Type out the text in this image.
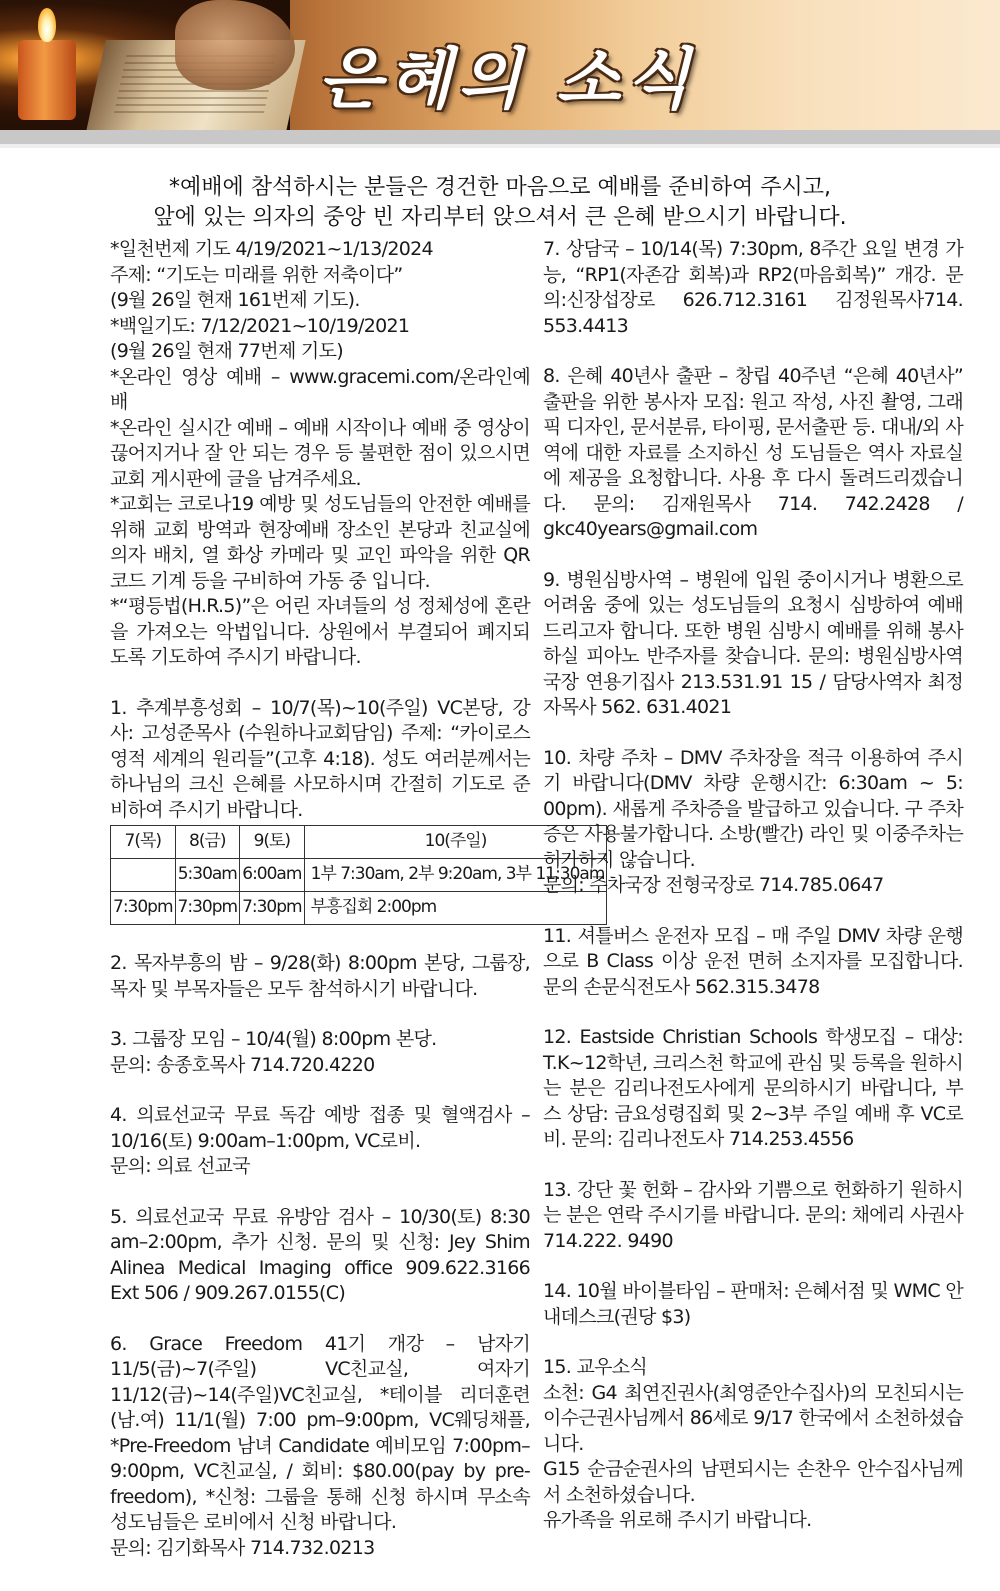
은혜의 소식
*예배에 참석하시는 분들은 경건한 마음으로 예배를 준비하여 주시고,
앞에 있는 의자의 중앙 빈 자리부터 앉으셔서 큰 은혜 받으시기 바랍니다.
*일천번제 기도 4/19/2021~1/13/2024
주제: “기도는 미래를 위한 저축이다”
(9월 26일 현재 161번제 기도).
*백일기도: 7/12/2021~10/19/2021
(9월 26일 현재 77번제 기도)
*온라인 영상 예배 – www.gracemi.com/온라인예배
*온라인 실시간 예배 – 예배 시작이나 예배 중 영상이 끊어지거나 잘 안 되는 경우 등 불편한 점이 있으시면 교회 게시판에 글을 남겨주세요.
*교회는 코로나19 예방 및 성도님들의 안전한 예배를 위해 교회 방역과 현장예배 장소인 본당과 친교실에 의자 배치, 열 화상 카메라 및 교인 파악을 위한 QR 코드 기계 등을 구비하여 가동 중 입니다.
*“평등법(H.R.5)”은 어린 자녀들의 성 정체성에 혼란을 가져오는 악법입니다. 상원에서 부결되어 폐지되도록 기도하여 주시기 바랍니다.
1. 추계부흥성회 – 10/7(목)~10(주일) VC본당, 강사: 고성준목사 (수원하나교회담임) 주제: “카이로스 영적 세계의 원리들”(고후 4:18). 성도 여러분께서는 하나님의 크신 은혜를 사모하시며 간절히 기도로 준비하여 주시기 바랍니다.
7(목)	8(금)	9(토)	10(주일)
	5:30am	6:00am	1부 7:30am, 2부 9:20am, 3부 11:30am
7:30pm	7:30pm	7:30pm	부흥집회 2:00pm
2. 목자부흥의 밤 – 9/28(화) 8:00pm 본당, 그룹장, 목자 및 부목자들은 모두 참석하시기 바랍니다.
3. 그룹장 모임 – 10/4(월) 8:00pm 본당.
문의: 송종호목사 714.720.4220
4. 의료선교국 무료 독감 예방 접종 및 혈액검사 – 10/16(토) 9:00am–1:00pm, VC로비.
문의: 의료 선교국
5. 의료선교국 무료 유방암 검사 – 10/30(토) 8:30 am–2:00pm, 추가 신청. 문의 및 신청: Jey Shim Alinea Medical Imaging office 909.622.3166 Ext 506 / 909.267.0155(C)
6. Grace Freedom 41기 개강 – 남자기 11/5(금)~7(주일) VC친교실, 여자기 11/12(금)~14(주일)VC친교실, *테이블 리더훈련(남.여) 11/1(월) 7:00 pm–9:00pm, VC웨딩채플, *Pre-Freedom 남녀 Candidate 예비모임 7:00pm–9:00pm, VC친교실, / 회비: $80.00(pay by pre-freedom), *신청: 그룹을 통해 신청 하시며 무소속 성도님들은 로비에서 신청 바랍니다.
문의: 김기화목사 714.732.0213
7. 상담국 – 10/14(목) 7:30pm, 8주간 요일 변경 가능, “RP1(자존감 회복)과 RP2(마음회복)” 개강. 문의:신장섭장로 626.712.3161 김정원목사714. 553.4413
8. 은혜 40년사 출판 – 창립 40주년 “은혜 40년사” 출판을 위한 봉사자 모집: 원고 작성, 사진 촬영, 그래픽 디자인, 문서분류, 타이핑, 문서출판 등. 대내/외 사역에 대한 자료를 소지하신 성 도님들은 역사 자료실에 제공을 요청합니다. 사용 후 다시 돌려드리겠습니다. 문의: 김재원목사 714. 742.2428 / gkc40years@gmail.com
9. 병원심방사역 – 병원에 입원 중이시거나 병환으로 어려움 중에 있는 성도님들의 요청시 심방하여 예배드리고자 합니다. 또한 병원 심방시 예배를 위해 봉사하실 피아노 반주자를 찾습니다. 문의: 병원심방사역국장 연용기집사 213.531.91 15 / 담당사역자 최정자목사 562. 631.4021
10. 차량 주차 – DMV 주차장을 적극 이용하여 주시기 바랍니다(DMV 차량 운행시간: 6:30am ~ 5: 00pm). 새롭게 주차증을 발급하고 있습니다. 구 주차증은 사용불가합니다. 소방(빨간) 라인 및 이중주차는 허가하지 않습니다.
문의: 주차국장 전형국장로 714.785.0647
11. 셔틀버스 운전자 모집 – 매 주일 DMV 차량 운행으로 B Class 이상 운전 면허 소지자를 모집합니다. 문의 손문식전도사 562.315.3478
12. Eastside Christian Schools 학생모집 – 대상: T.K~12학년, 크리스천 학교에 관심 및 등록을 원하시는 분은 김리나전도사에게 문의하시기 바랍니다, 부스 상담: 금요성령집회 및 2~3부 주일 예배 후 VC로비. 문의: 김리나전도사 714.253.4556
13. 강단 꽃 헌화 – 감사와 기쁨으로 헌화하기 원하시는 분은 연락 주시기를 바랍니다. 문의: 채에리 사권사 714.222. 9490
14. 10월 바이블타임 – 판매처: 은혜서점 및 WMC 안내데스크(권당 $3)
15. 교우소식
소천: G4 최연진권사(최영준안수집사)의 모친되시는 이수근권사님께서 86세로 9/17 한국에서 소천하셨습니다.
G15 순금순권사의 남편되시는 손찬우 안수집사님께서 소천하셨습니다.
유가족을 위로해 주시기 바랍니다.
